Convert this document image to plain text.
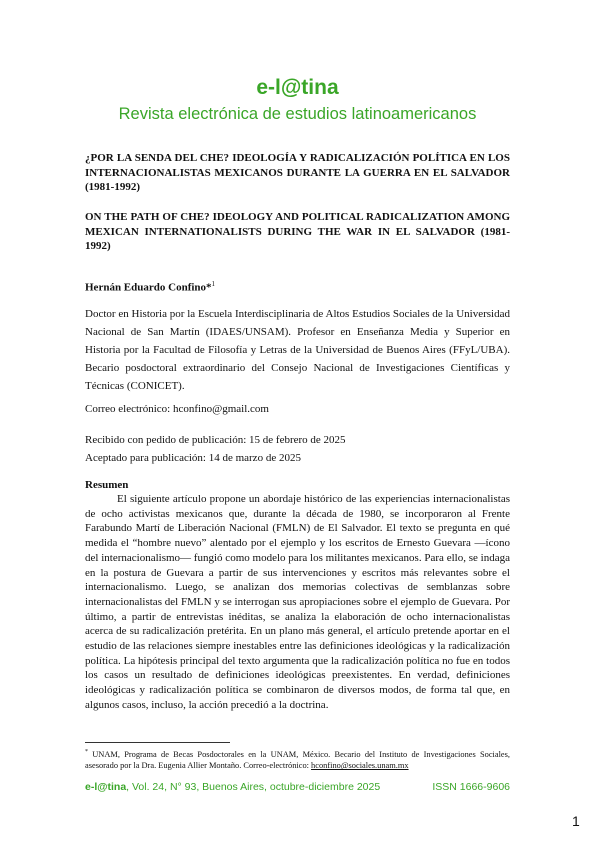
e-l@tina
Revista electrónica de estudios latinoamericanos
¿POR LA SENDA DEL CHE? IDEOLOGÍA Y RADICALIZACIÓN POLÍTICA EN LOS INTERNACIONALISTAS MEXICANOS DURANTE LA GUERRA EN EL SALVADOR (1981-1992)
ON THE PATH OF CHE? IDEOLOGY AND POLITICAL RADICALIZATION AMONG MEXICAN INTERNATIONALISTS DURING THE WAR IN EL SALVADOR (1981-1992)
Hernán Eduardo Confino*$^1$
Doctor en Historia por la Escuela Interdisciplinaria de Altos Estudios Sociales de la Universidad Nacional de San Martín (IDAES/UNSAM). Profesor en Enseñanza Media y Superior en Historia por la Facultad de Filosofía y Letras de la Universidad de Buenos Aires (FFyL/UBA). Becario posdoctoral extraordinario del Consejo Nacional de Investigaciones Científicas y Técnicas (CONICET).
Correo electrónico: hconfino@gmail.com
Recibido con pedido de publicación: 15 de febrero de 2025
Aceptado para publicación: 14 de marzo de 2025
Resumen
El siguiente artículo propone un abordaje histórico de las experiencias internacionalistas de ocho activistas mexicanos que, durante la década de 1980, se incorporaron al Frente Farabundo Martí de Liberación Nacional (FMLN) de El Salvador. El texto se pregunta en qué medida el “hombre nuevo” alentado por el ejemplo y los escritos de Ernesto Guevara —ícono del internacionalismo— fungió como modelo para los militantes mexicanos. Para ello, se indaga en la postura de Guevara a partir de sus intervenciones y escritos más relevantes sobre el internacionalismo. Luego, se analizan dos memorias colectivas de semblanzas sobre internacionalistas del FMLN y se interrogan sus apropiaciones sobre el ejemplo de Guevara. Por último, a partir de entrevistas inéditas, se analiza la elaboración de ocho internacionalistas acerca de su radicalización pretérita. En un plano más general, el artículo pretende aportar en el estudio de las relaciones siempre inestables entre las definiciones ideológicas y la radicalización política. La hipótesis principal del texto argumenta que la radicalización política no fue en todos los casos un resultado de definiciones ideológicas preexistentes. En verdad, definiciones ideológicas y radicalización política se combinaron de diversos modos, de forma tal que, en algunos casos, incluso, la acción precedió a la doctrina.
* UNAM, Programa de Becas Posdoctorales en la UNAM, México. Becario del Instituto de Investigaciones Sociales, asesorado por la Dra. Eugenia Allier Montaño. Correo-electrónico: hconfino@sociales.unam.mx
e-l@tina, Vol. 24, N° 93, Buenos Aires, octubre-diciembre 2025	ISSN 1666-9606
1
